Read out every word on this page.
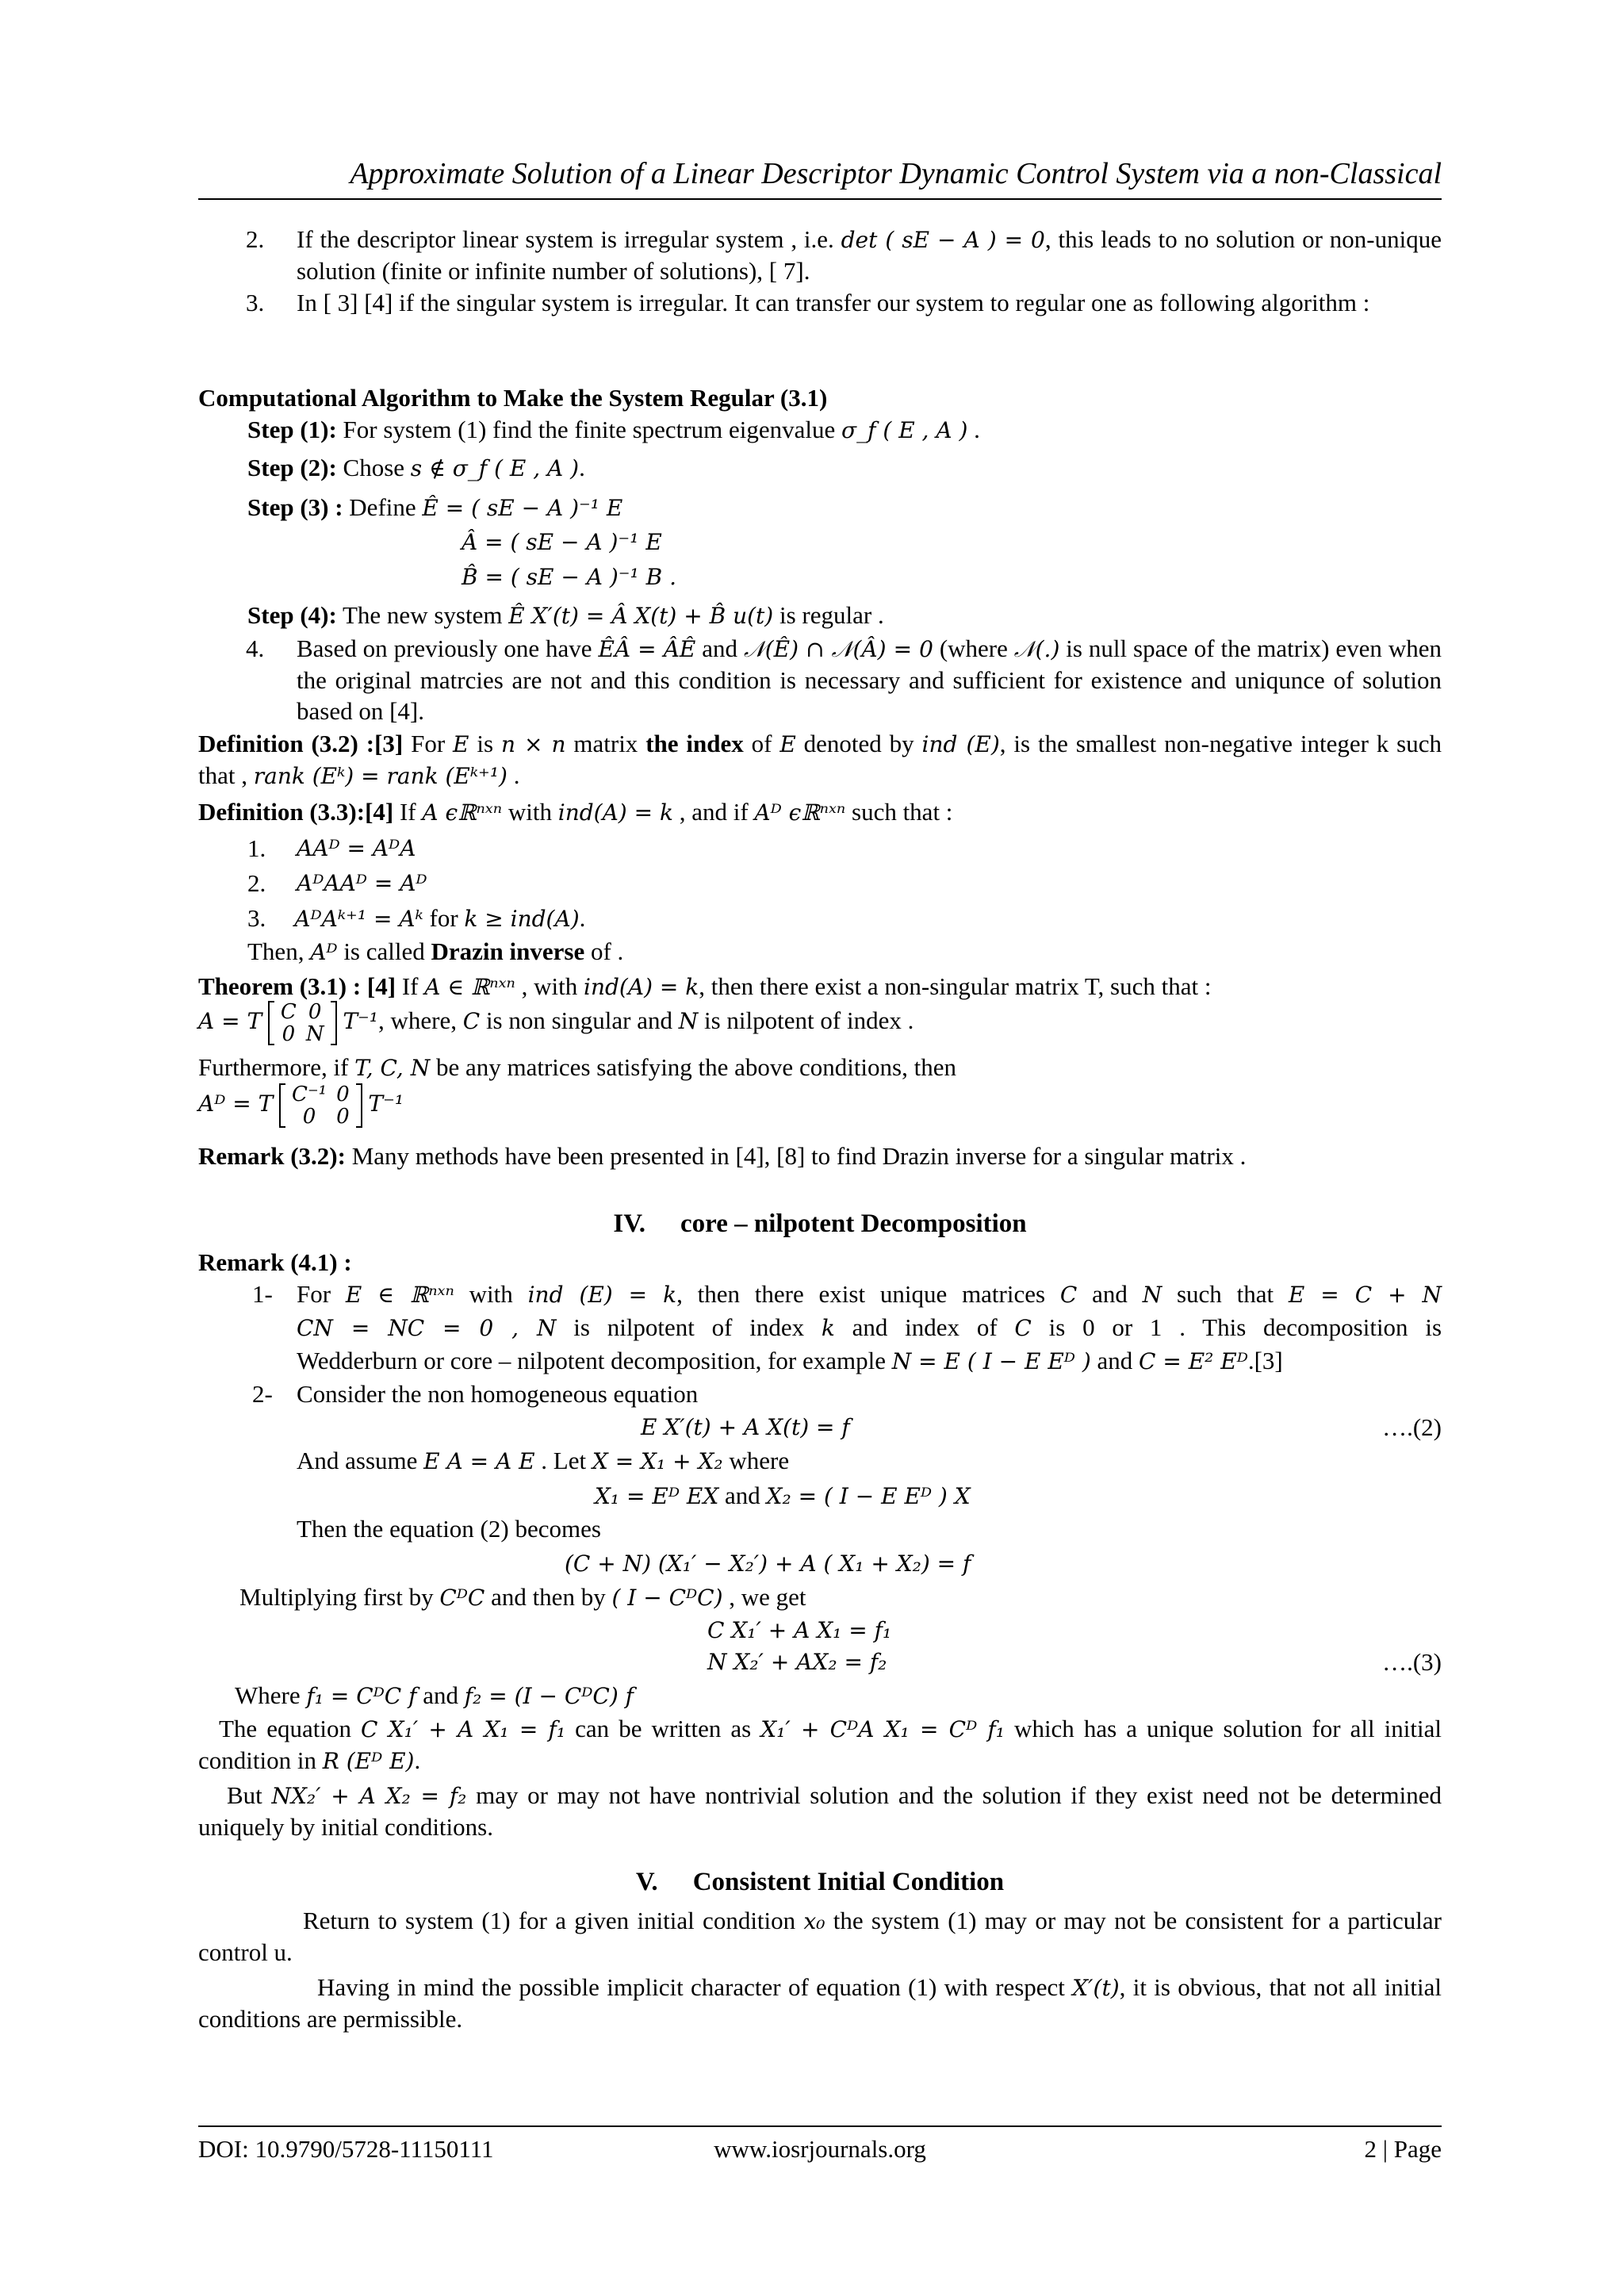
Approximate Solution of a Linear Descriptor Dynamic Control System via a non-Classical
2. If the descriptor linear system is irregular system , i.e. det ( sE − A ) = 0, this leads to no solution or non-unique solution (finite or infinite number of solutions), [ 7].
3. In [ 3] [4] if the singular system is irregular. It can transfer our system to regular one as following algorithm :
Computational Algorithm to Make the System Regular (3.1)
Step (1): For system (1) find the finite spectrum eigenvalue σ_f ( E , A ) .
Step (2): Chose s ∉ σ_f ( E , A ).
Step (3) : Define Ê = ( sE − A )⁻¹ E
Â = ( sE − A )⁻¹ E
B̂ = ( sE − A )⁻¹ B .
Step (4): The new system Ê X′(t) = Â X(t) + B̂ u(t) is regular .
4. Based on previously one have ÊÂ = ÂÊ and 𝒩(Ê) ∩ 𝒩(Â) = 0 (where 𝒩(.) is null space of the matrix) even when the original matrcies are not and this condition is necessary and sufficient for existence and uniqunce of solution based on [4].
Definition (3.2) :[3] For E is n × n matrix the index of E denoted by ind (E), is the smallest non-negative integer k such that , rank (Eᵏ) = rank (Eᵏ⁺¹) .
Definition (3.3):[4] If A ϵℝⁿˣⁿ with ind(A) = k , and if Aᴰ ϵℝⁿˣⁿ such that :
1. AAᴰ = AᴰA
2. AᴰAAᴰ = Aᴰ
3. AᴰAᵏ⁺¹ = Aᵏ for k ≥ ind(A).
Then, Aᴰ is called Drazin inverse of .
Theorem (3.1) : [4] If A ∈ ℝⁿˣⁿ , with ind(A) = k, then there exist a non-singular matrix T, such that :
A = T C	0
0	N T⁻¹, where, C is non singular and N is nilpotent of index .
Furthermore, if T, C, N be any matrices satisfying the above conditions, then
Aᴰ = T C⁻¹	0
0	0 T⁻¹
Remark (3.2): Many methods have been presented in [4], [8] to find Drazin inverse for a singular matrix .
IV. core – nilpotent Decomposition
Remark (4.1) :
1- For E ∈ ℝⁿˣⁿ with ind (E) = k, then there exist unique matrices C and N such that E = C + N
CN = NC = 0 , N is nilpotent of index k and index of C is 0 or 1 . This decomposition is
Wedderburn or core – nilpotent decomposition, for example N = E ( I − E Eᴰ ) and C = E² Eᴰ.[3]
2- Consider the non homogeneous equation
E X′(t) + A X(t) = f	….(2)
And assume E A = A E . Let X = X₁ + X₂ where
X₁ = Eᴰ EX and X₂ = ( I − E Eᴰ ) X
Then the equation (2) becomes
(C + N) (X₁′ − X₂′) + A ( X₁ + X₂) = f
Multiplying first by CᴰC and then by ( I − CᴰC) , we get
C X₁′ + A X₁ = f₁
N X₂′ + AX₂ = f₂	….(3)
Where f₁ = CᴰC f and f₂ = (I − CᴰC) f
The equation C X₁′ + A X₁ = f₁ can be written as X₁′ + CᴰA X₁ = Cᴰ f₁ which has a unique solution for all initial condition in R (Eᴰ E).
But NX₂′ + A X₂ = f₂ may or may not have nontrivial solution and the solution if they exist need not be determined uniquely by initial conditions.
V. Consistent Initial Condition
Return to system (1) for a given initial condition x₀ the system (1) may or may not be consistent for a particular control u.
Having in mind the possible implicit character of equation (1) with respect X′(t), it is obvious, that not all initial conditions are permissible.
DOI: 10.9790/5728-11150111	www.iosrjournals.org	2 | Page
